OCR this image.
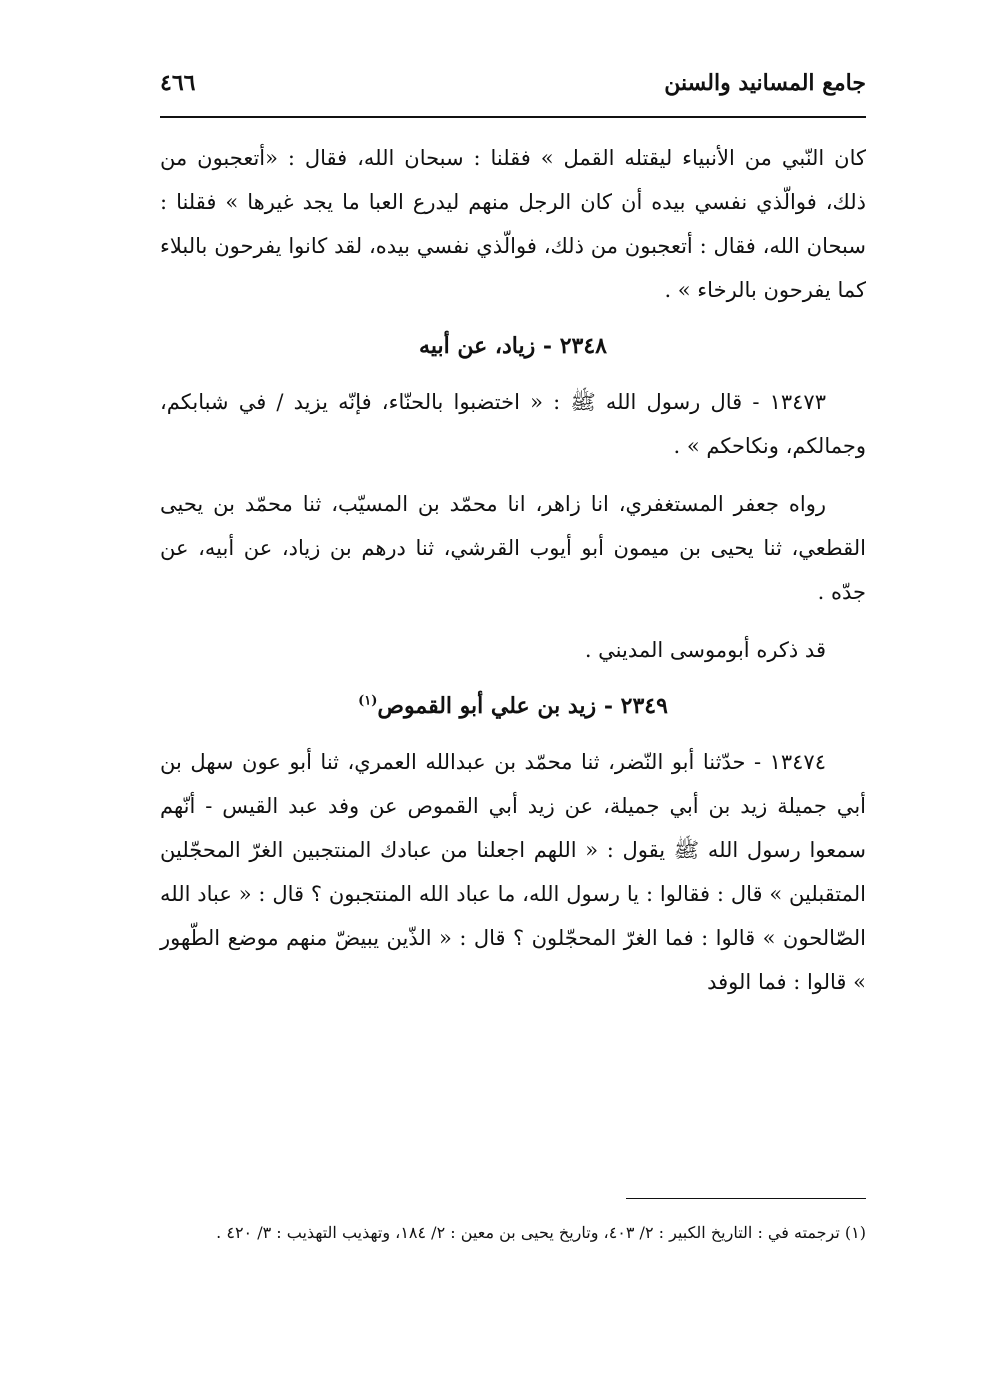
جامع المسانيد والسنن
٤٦٦

كان النّبي من الأنبياء ليقتله القمل » فقلنا : سبحان الله، فقال : «أتعجبون من ذلك، فوالّذي نفسي بيده أن كان الرجل منهم ليدرع العبا ما يجد غيرها » فقلنا : سبحان الله، فقال : أتعجبون من ذلك، فوالّذي نفسي بيده، لقد كانوا يفرحون بالبلاء كما يفرحون بالرخاء » .

٢٣٤٨ - زياد، عن أبيه

١٣٤٧٣ - قال رسول الله ﷺ : « اختضبوا بالحنّاء، فإنّه يزيد / في شبابكم، وجمالكم، ونكاحكم » .

رواه جعفر المستغفري، انا زاهر، انا محمّد بن المسيّب، ثنا محمّد بن يحيى القطعي، ثنا يحيى بن ميمون أبو أيوب القرشي، ثنا درهم بن زياد، عن أبيه، عن جدّه .

قد ذكره أبوموسى المديني .

٢٣٤٩ - زيد بن علي أبو القموص$^{(١)}$

١٣٤٧٤ - حدّثنا أبو النّضر، ثنا محمّد بن عبدالله العمري، ثنا أبو عون سهل بن أبي جميلة زيد بن أبي جميلة، عن زيد أبي القموص عن وفد عبد القيس - أنّهم سمعوا رسول الله ﷺ يقول : « اللهم اجعلنا من عبادك المنتجبين الغرّ المحجّلين المتقبلين » قال : فقالوا : يا رسول الله، ما عباد الله المنتجبون ؟ قال : « عباد الله الصّالحون » قالوا : فما الغرّ المحجّلون ؟ قال : « الذّين يبيضّ منهم موضع الطّهور » قالوا : فما الوفد

(١) ترجمته في : التاريخ الكبير : ٢/ ٤٠٣، وتاريخ يحيى بن معين : ٢/ ١٨٤، وتهذيب التهذيب : ٣/ ٤٢٠ .
